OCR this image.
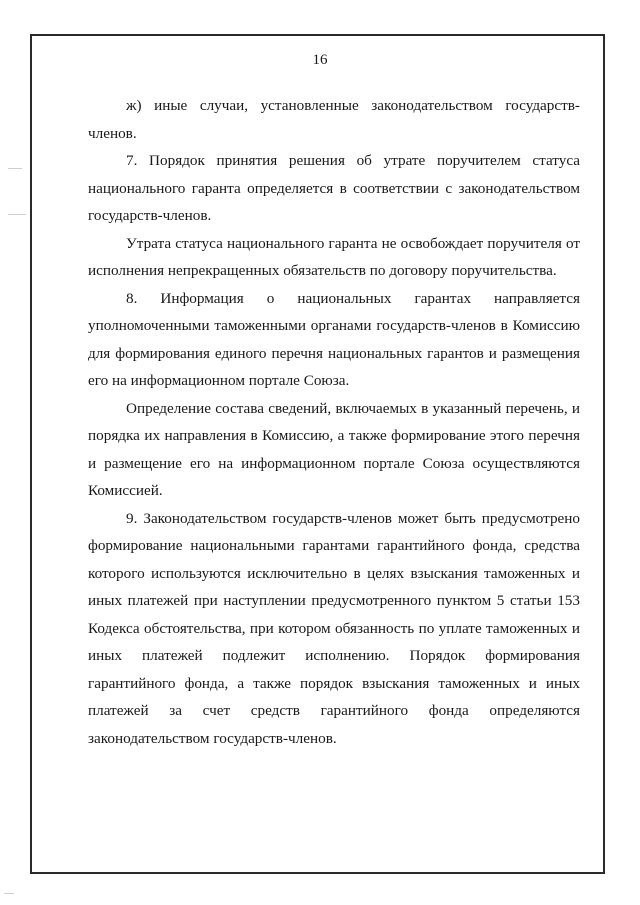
16

ж) иные случаи, установленные законодательством государств-членов.

7. Порядок принятия решения об утрате поручителем статуса национального гаранта определяется в соответствии с законодательством государств-членов.

Утрата статуса национального гаранта не освобождает поручителя от исполнения непрекращенных обязательств по договору поручительства.

8. Информация о национальных гарантах направляется уполномоченными таможенными органами государств-членов в Комиссию для формирования единого перечня национальных гарантов и размещения его на информационном портале Союза.

Определение состава сведений, включаемых в указанный перечень, и порядка их направления в Комиссию, а также формирование этого перечня и размещение его на информационном портале Союза осуществляются Комиссией.

9. Законодательством государств-членов может быть предусмотрено формирование национальными гарантами гарантийного фонда, средства которого используются исключительно в целях взыскания таможенных и иных платежей при наступлении предусмотренного пунктом 5 статьи 153 Кодекса обстоятельства, при котором обязанность по уплате таможенных и иных платежей подлежит исполнению. Порядок формирования гарантийного фонда, а также порядок взыскания таможенных и иных платежей за счет средств гарантийного фонда определяются законодательством государств-членов.
